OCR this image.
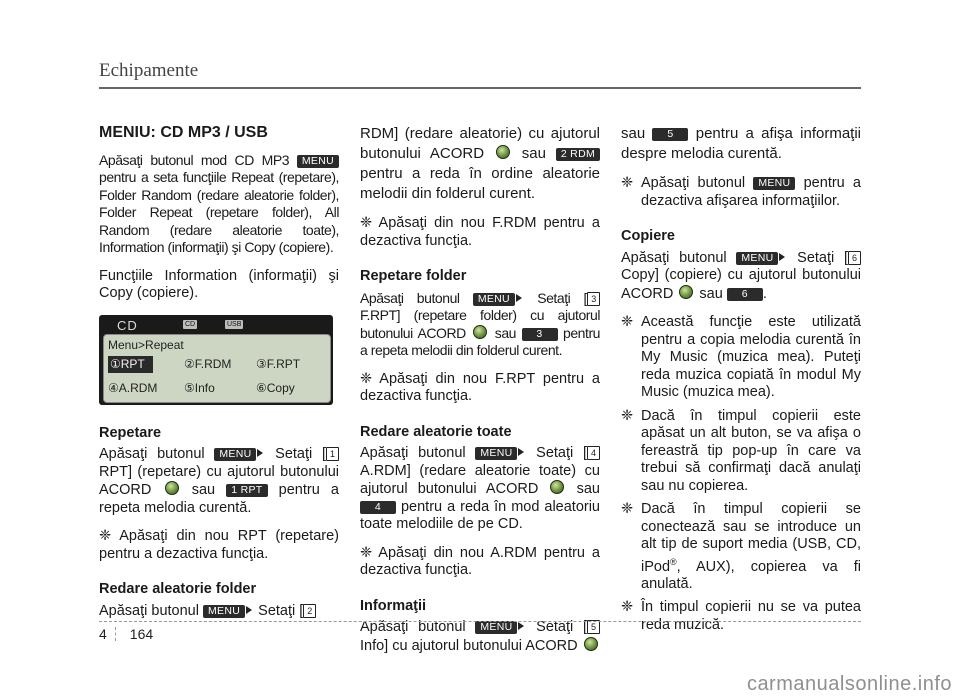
Echipamente
MENIU: CD MP3 / USB

Apăsaţi butonul mod CD MP3 MENU pentru a seta funcţiile Repeat (repetare), Folder Random (redare aleatorie folder), Folder Repeat (repetare folder), All Random (redare aleatorie toate), Information (informaţii) şi Copy (copiere).

Funcţiile Information (informaţii) şi Copy (copiere).

CD	CD	USB
Menu>Repeat
①RPT	②F.RDM ③F.RPT
④A.RDM ⑤Info	⑥Copy
Repetare

Apăsaţi butonul MENU Setaţi [ 1 RPT] (repetare) cu ajutorul butonului ACORD  sau 1 RPT pentru a repeta melodia curentă.

❈ Apăsaţi din nou RPT (repetare) pentru a dezactiva funcţia.

Redare aleatorie folder

Apăsaţi butonul MENU Setaţi [ 2

RDM] (redare aleatorie) cu ajutorul butonului ACORD  sau 2 RDM pentru a reda în ordine aleatorie melodii din folderul curent.

❈ Apăsaţi din nou F.RDM pentru a dezactiva funcţia.

Repetare folder

Apăsaţi butonul MENU Setaţi [ 3 F.RPT] (repetare folder) cu ajutorul butonului ACORD  sau 3 pentru a repeta melodii din folderul curent.

❈ Apăsaţi din nou F.RPT pentru a dezactiva funcţia.

Redare aleatorie toate

Apăsaţi butonul MENU Setaţi [ 4 A.RDM] (redare aleatorie toate) cu ajutorul butonului ACORD  sau 4 pentru a reda în mod aleatoriu toate melodiile de pe CD.

❈ Apăsaţi din nou A.RDM pentru a dezactiva funcţia.

Informaţii

Apăsaţi butonul MENU Setaţi [ 5 Info] cu ajutorul butonului ACORD

sau 5 pentru a afişa informaţii despre melodia curentă.

❈ Apăsaţi butonul MENU pentru a dezactiva afişarea informaţiilor.
Copiere

Apăsaţi butonul MENU Setaţi [ 6 Copy] (copiere) cu ajutorul butonului ACORD  sau 6 .

❈ Această funcţie este utilizată pentru a copia melodia curentă în My Music (muzica mea). Puteţi reda muzica copiată în modul My Music (muzica mea).
❈ Dacă în timpul copierii este apăsat un alt buton, se va afişa o fereastră tip pop-up în care va trebui să confirmaţi dacă anulaţi sau nu copierea.
❈ Dacă în timpul copierii se conectează sau se introduce un alt tip de suport media (USB, CD, iPod®, AUX), copierea va fi anulată.
❈ În timpul copierii nu se va putea reda muzică.
4 164
carmanualsonline.info
